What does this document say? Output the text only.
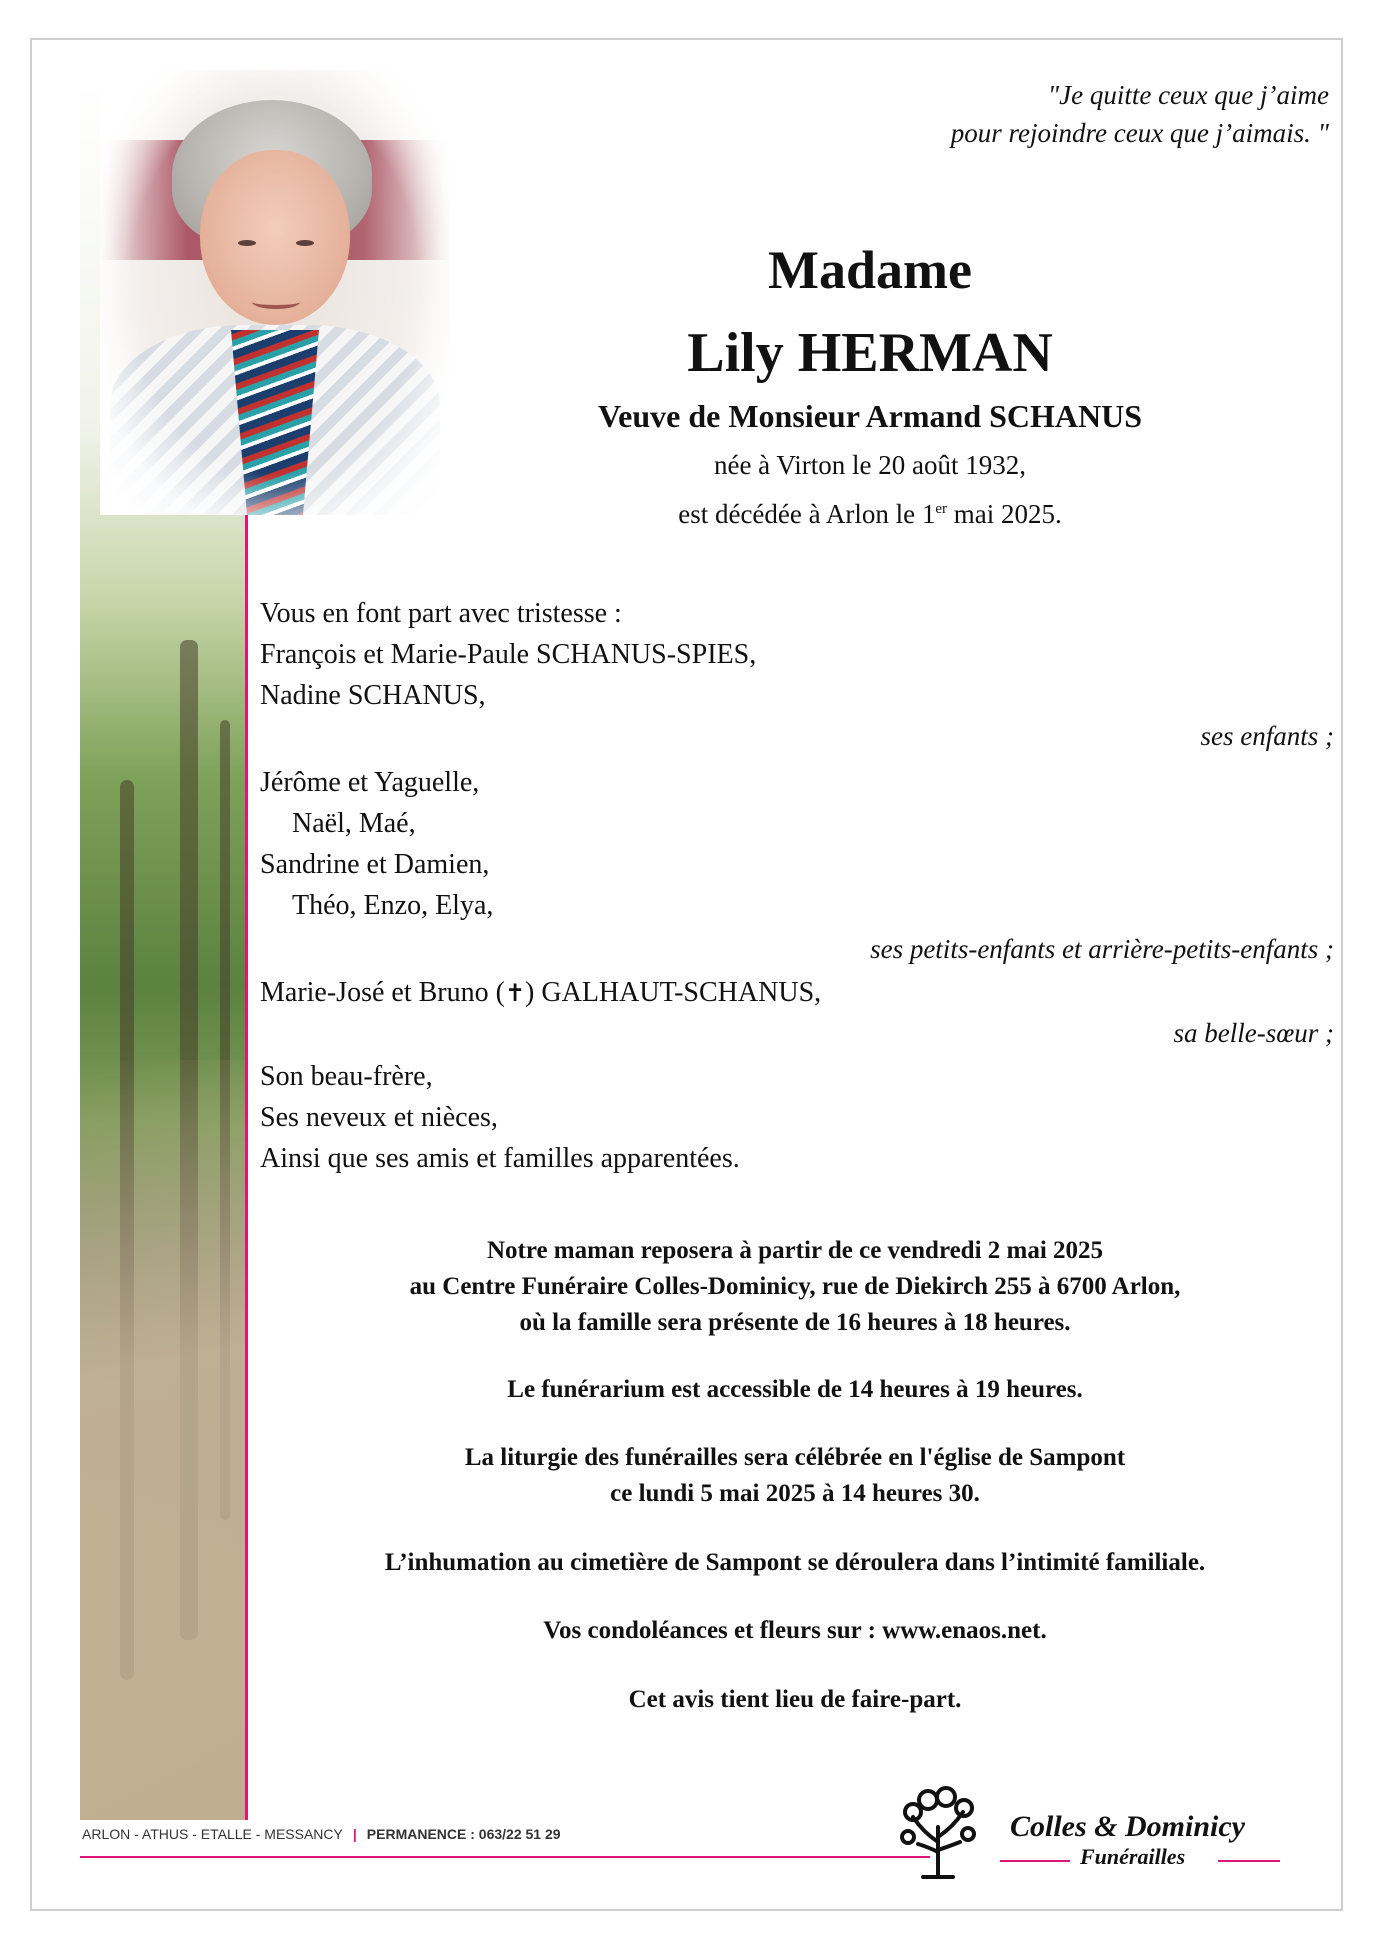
"Je quitte ceux que j’aime
pour rejoindre ceux que j’aimais. "
Madame
Lily HERMAN
Veuve de Monsieur Armand SCHANUS
née à Virton le 20 août 1932,
est décédée à Arlon le 1er mai 2025.
Vous en font part avec tristesse :
François et Marie-Paule SCHANUS-SPIES,
Nadine SCHANUS,
ses enfants ;
Jérôme et Yaguelle,
Naël, Maé,
Sandrine et Damien,
Théo, Enzo, Elya,
ses petits-enfants et arrière-petits-enfants ;
Marie-José et Bruno (✝) GALHAUT-SCHANUS,
sa belle-sœur ;
Son beau-frère,
Ses neveux et nièces,
Ainsi que ses amis et familles apparentées.
Notre maman reposera à partir de ce vendredi 2 mai 2025
au Centre Funéraire Colles-Dominicy, rue de Diekirch 255 à 6700 Arlon,
où la famille sera présente de 16 heures à 18 heures.
Le funérarium est accessible de 14 heures à 19 heures.
La liturgie des funérailles sera célébrée en l'église de Sampont
ce lundi 5 mai 2025 à 14 heures 30.
L’inhumation au cimetière de Sampont se déroulera dans l’intimité familiale.
Vos condoléances et fleurs sur : www.enaos.net.
Cet avis tient lieu de faire-part.
ARLON - ATHUS - ETALLE - MESSANCY | PERMANENCE : 063/22 51 29	Colles & Dominicy
Funérailles
